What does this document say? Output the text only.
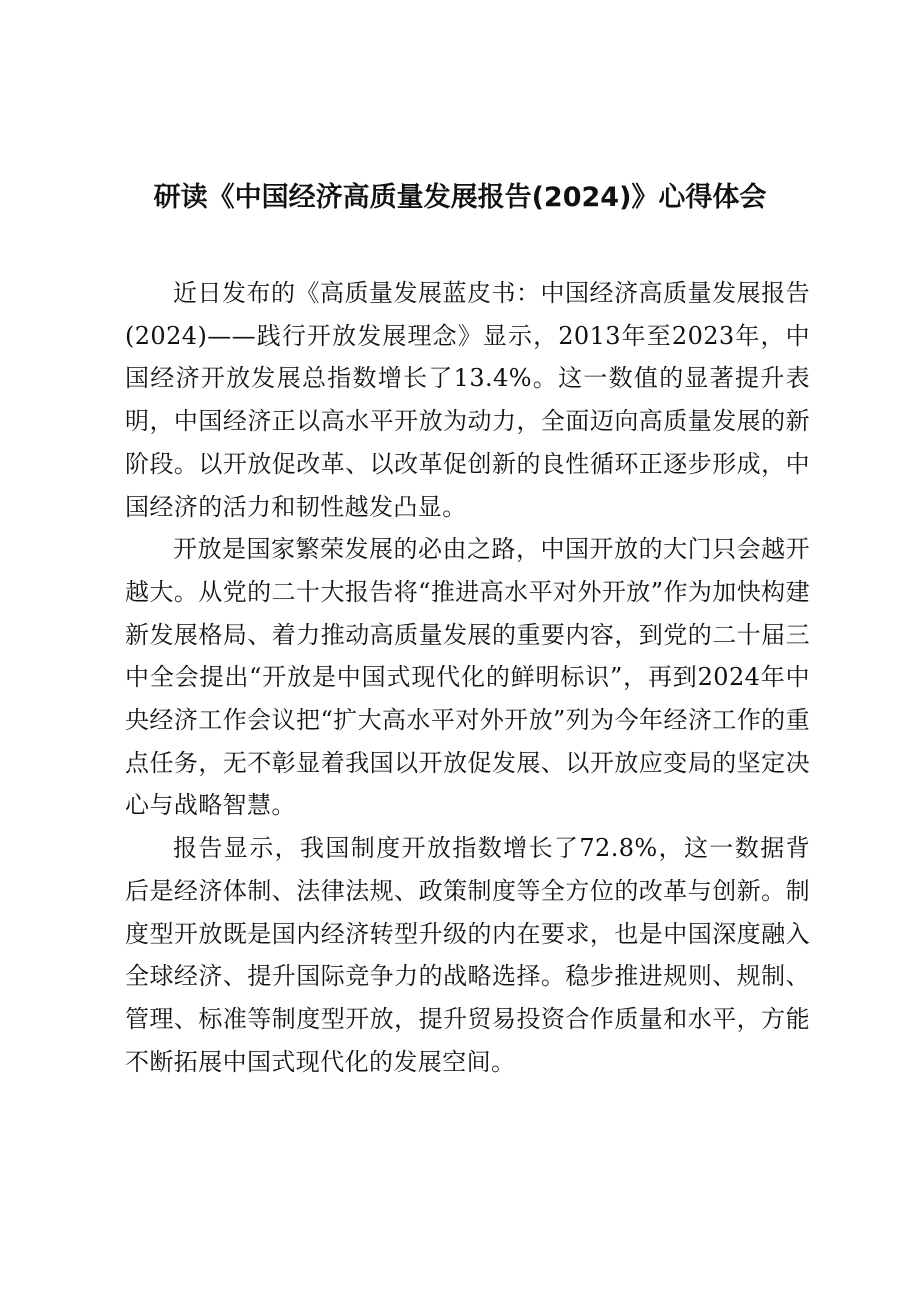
研读《中国经济高质量发展报告(2024)》心得体会

近日发布的《高质量发展蓝皮书：中国经济高质量发展报告(2024)——践行开放发展理念》显示，2013年至2023年，中国经济开放发展总指数增长了13.4%。这一数值的显著提升表明，中国经济正以高水平开放为动力，全面迈向高质量发展的新阶段。以开放促改革、以改革促创新的良性循环正逐步形成，中国经济的活力和韧性越发凸显。

开放是国家繁荣发展的必由之路，中国开放的大门只会越开越大。从党的二十大报告将“推进高水平对外开放”作为加快构建新发展格局、着力推动高质量发展的重要内容，到党的二十届三中全会提出“开放是中国式现代化的鲜明标识”，再到2024年中央经济工作会议把“扩大高水平对外开放”列为今年经济工作的重点任务，无不彰显着我国以开放促发展、以开放应变局的坚定决心与战略智慧。

报告显示，我国制度开放指数增长了72.8%，这一数据背后是经济体制、法律法规、政策制度等全方位的改革与创新。制度型开放既是国内经济转型升级的内在要求，也是中国深度融入全球经济、提升国际竞争力的战略选择。稳步推进规则、规制、管理、标准等制度型开放，提升贸易投资合作质量和水平，方能不断拓展中国式现代化的发展空间。
